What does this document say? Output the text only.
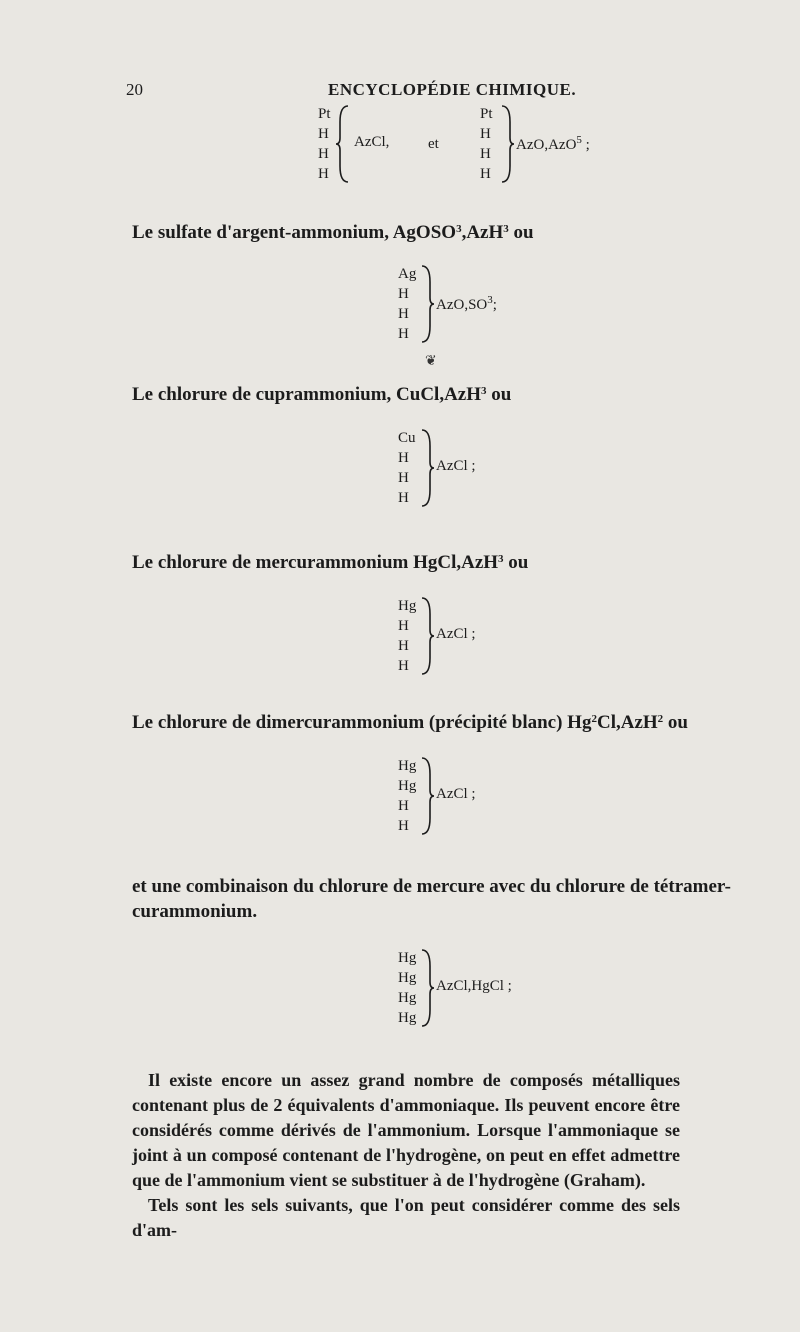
20	ENCYCLOPÉDIE CHIMIQUE.
Pt
H
H
H
AzCl,	et
Pt
H
H
H
AzO,AzO$^5$ ;
Le sulfate d'argent-ammonium, AgOSO$^3$,AzH$^3$ ou
Ag
H
H
H
$AzO,SO^3$;
❦
Le chlorure de cuprammonium, CuCl,AzH$^3$ ou
Cu
H
H
H
AzCl ;
Le chlorure de mercurammonium HgCl,AzH$^3$ ou
Hg
H
H
H
AzCl ;
Le chlorure de dimercurammonium (précipité blanc) Hg$^2$Cl,AzH$^2$ ou
Hg
Hg
H
H
AzCl ;
et une combinaison du chlorure de mercure avec du chlorure de tétramer-
curammonium.
Hg
Hg
Hg
Hg
AzCl,HgCl ;

Il existe encore un assez grand nombre de composés métalliques contenant plus de 2 équivalents d'ammoniaque. Ils peuvent encore être considérés comme dérivés de l'ammonium. Lorsque l'ammoniaque se joint à un composé contenant de l'hydrogène, on peut en effet admettre que de l'ammonium vient se substituer à de l'hydrogène (Graham).

Tels sont les sels suivants, que l'on peut considérer comme des sels d'am-
